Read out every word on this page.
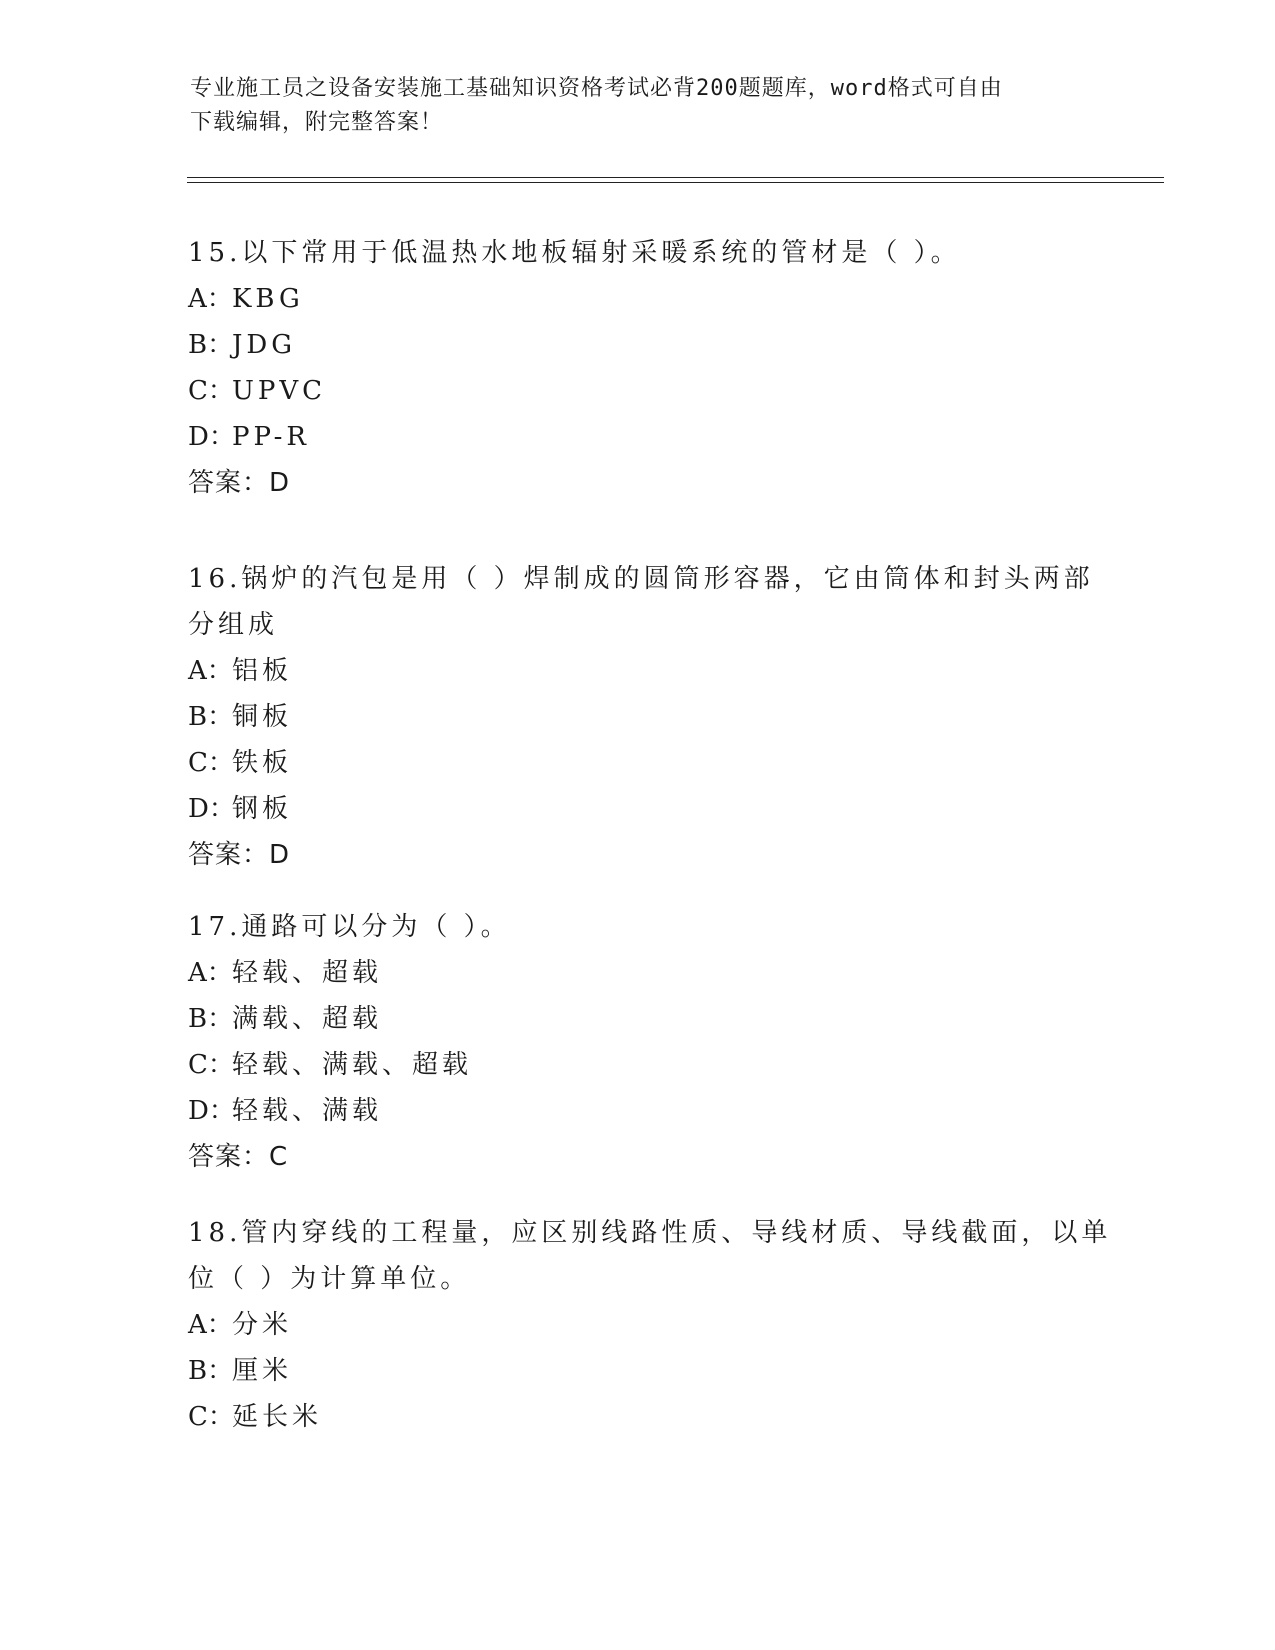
专业施工员之设备安装施工基础知识资格考试必背200题题库，word格式可自由
下载编辑，附完整答案！
15.以下常用于低温热水地板辐射采暖系统的管材是（ ）。
A：KBG
B：JDG
C：UPVC
D：PP-R
答案：D
16.锅炉的汽包是用（ ）焊制成的圆筒形容器，它由筒体和封头两部
分组成
A：铝板
B：铜板
C：铁板
D：钢板
答案：D
17.通路可以分为（ ）。
A：轻载、超载
B：满载、超载
C：轻载、满载、超载
D：轻载、满载
答案：C
18.管内穿线的工程量，应区别线路性质、导线材质、导线截面，以单
位（ ）为计算单位。
A：分米
B：厘米
C：延长米
